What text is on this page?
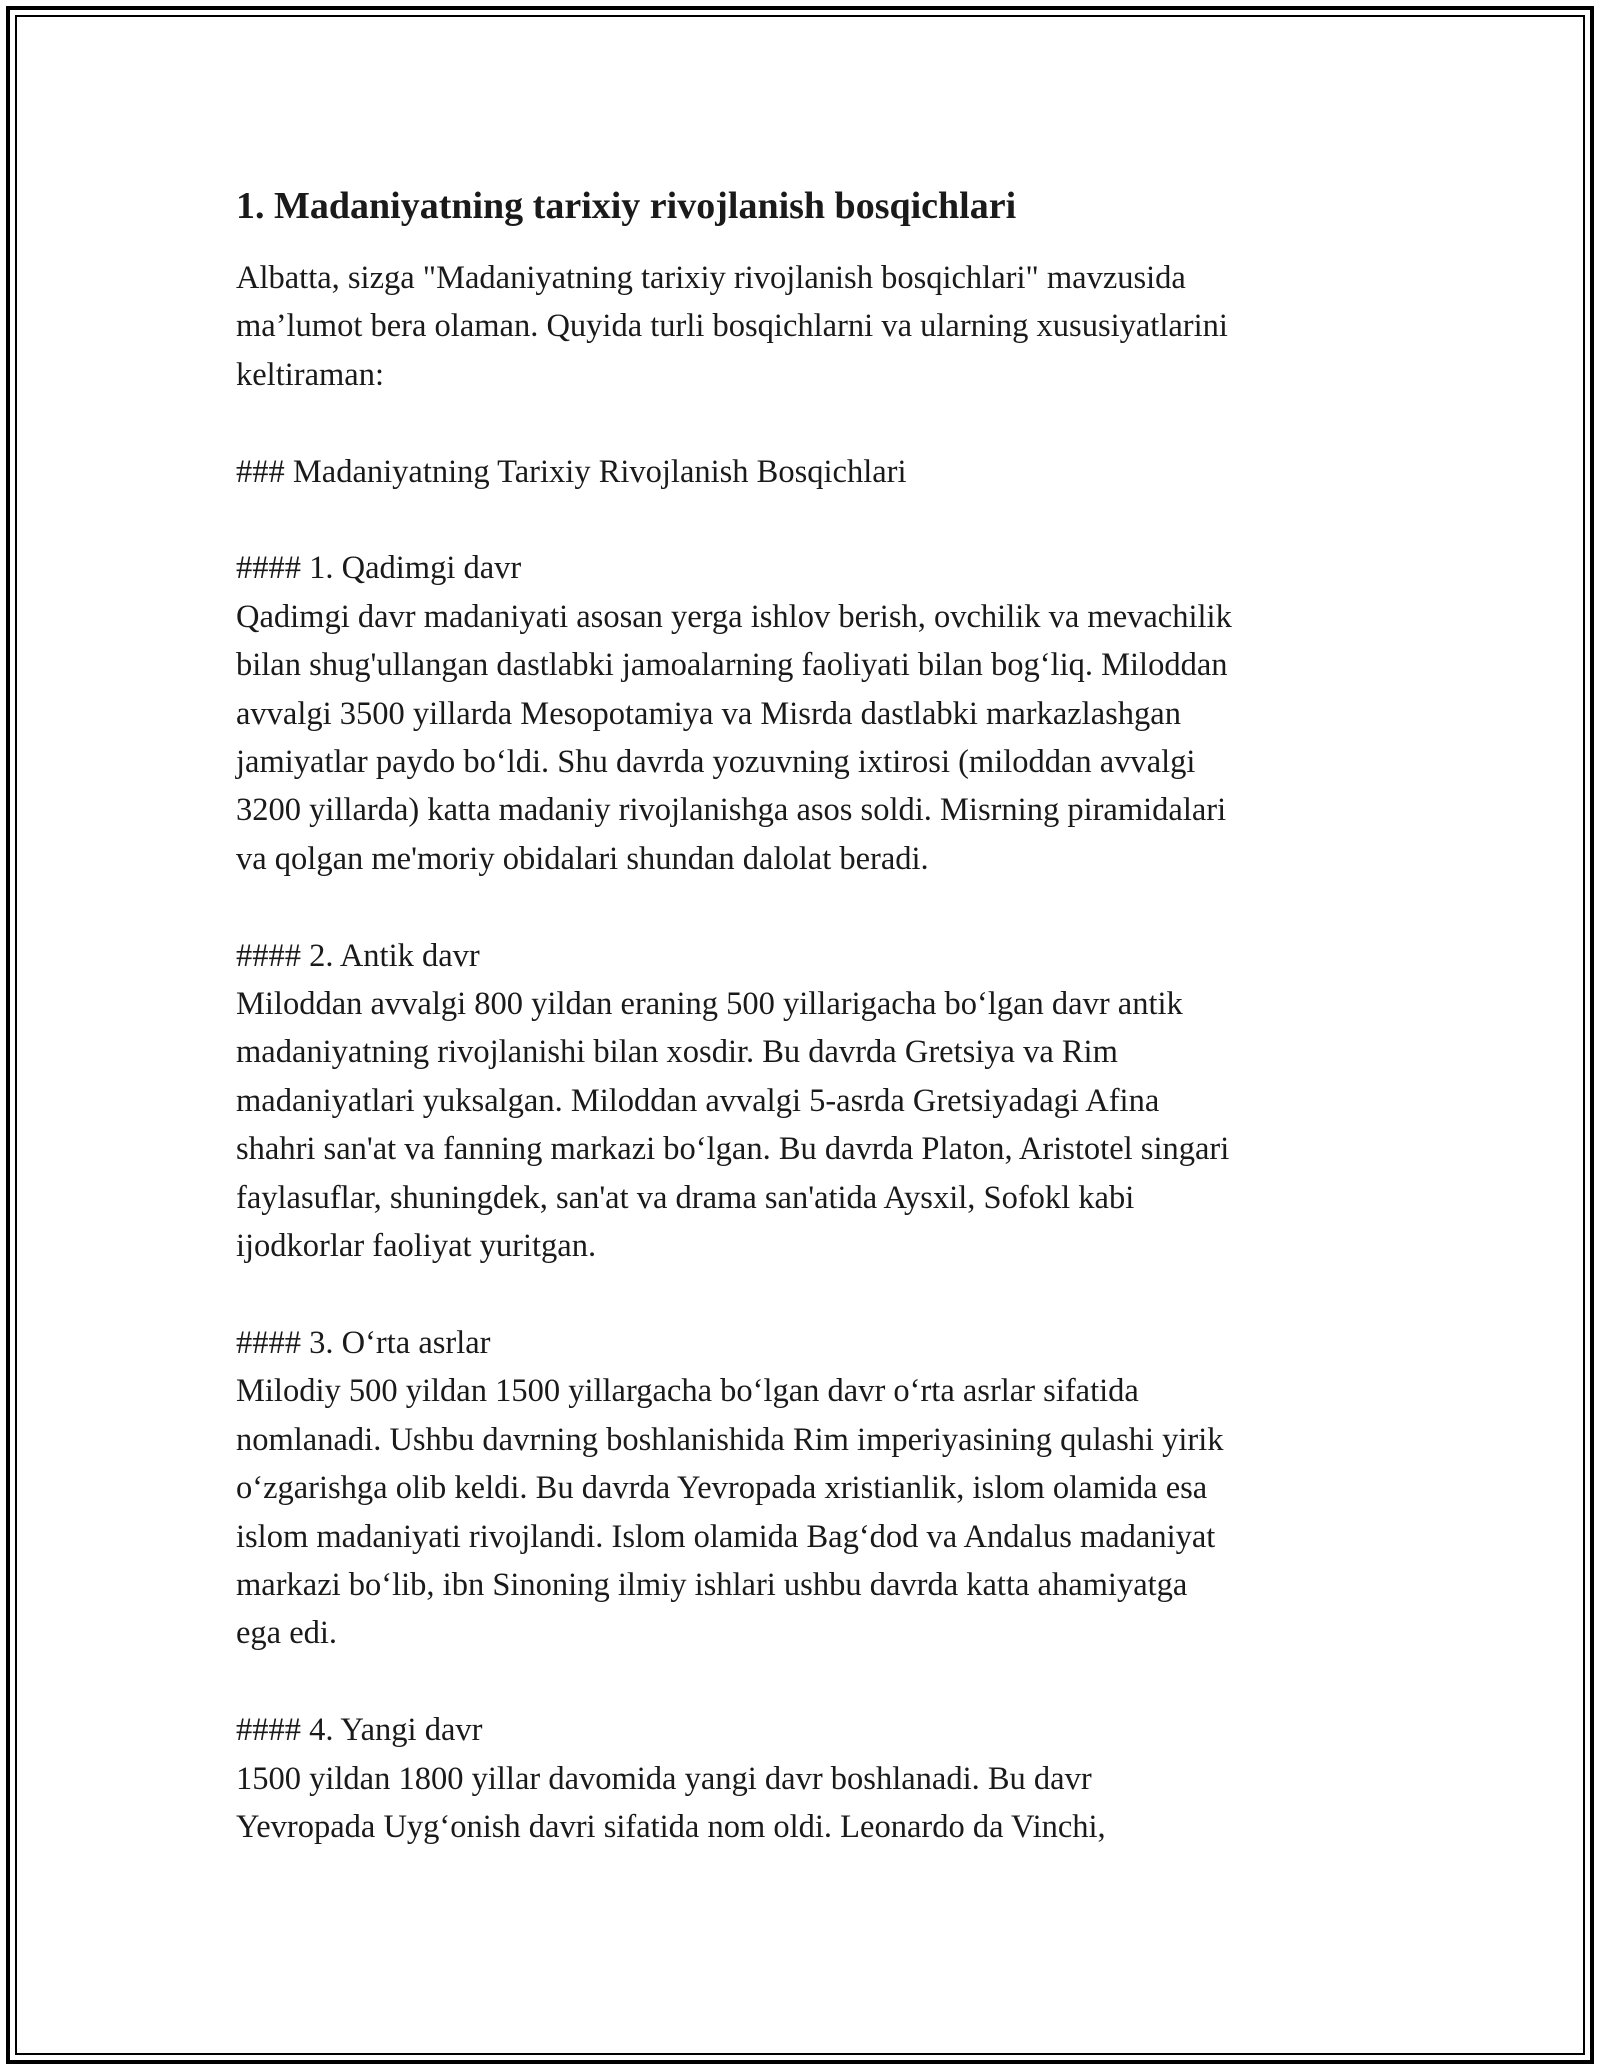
1. Madaniyatning tarixiy rivojlanish bosqichlari

Albatta, sizga "Madaniyatning tarixiy rivojlanish bosqichlari" mavzusida
ma’lumot bera olaman. Quyida turli bosqichlarni va ularning xususiyatlarini
keltiraman:

### Madaniyatning Tarixiy Rivojlanish Bosqichlari

#### 1. Qadimgi davr

Qadimgi davr madaniyati asosan yerga ishlov berish, ovchilik va mevachilik
bilan shug'ullangan dastlabki jamoalarning faoliyati bilan bog‘liq. Miloddan
avvalgi 3500 yillarda Mesopotamiya va Misrda dastlabki markazlashgan
jamiyatlar paydo bo‘ldi. Shu davrda yozuvning ixtirosi (miloddan avvalgi
3200 yillarda) katta madaniy rivojlanishga asos soldi. Misrning piramidalari
va qolgan me'moriy obidalari shundan dalolat beradi.

#### 2. Antik davr

Miloddan avvalgi 800 yildan eraning 500 yillarigacha bo‘lgan davr antik
madaniyatning rivojlanishi bilan xosdir. Bu davrda Gretsiya va Rim
madaniyatlari yuksalgan. Miloddan avvalgi 5-asrda Gretsiyadagi Afina
shahri san'at va fanning markazi bo‘lgan. Bu davrda Platon, Aristotel singari
faylasuflar, shuningdek, san'at va drama san'atida Aysxil, Sofokl kabi
ijodkorlar faoliyat yuritgan.

#### 3. O‘rta asrlar

Milodiy 500 yildan 1500 yillargacha bo‘lgan davr o‘rta asrlar sifatida
nomlanadi. Ushbu davrning boshlanishida Rim imperiyasining qulashi yirik
o‘zgarishga olib keldi. Bu davrda Yevropada xristianlik, islom olamida esa
islom madaniyati rivojlandi. Islom olamida Bag‘dod va Andalus madaniyat
markazi bo‘lib, ibn Sinoning ilmiy ishlari ushbu davrda katta ahamiyatga
ega edi.

#### 4. Yangi davr

1500 yildan 1800 yillar davomida yangi davr boshlanadi. Bu davr
Yevropada Uyg‘onish davri sifatida nom oldi. Leonardo da Vinchi,
